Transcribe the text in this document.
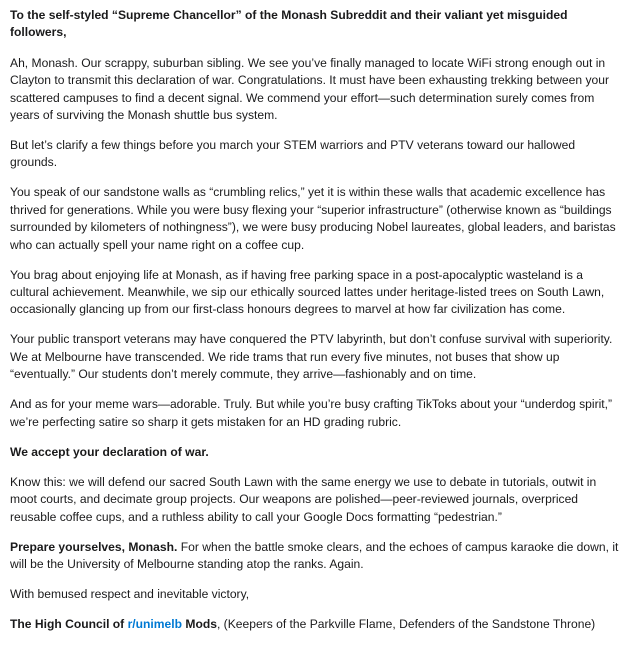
To the self-styled “Supreme Chancellor” of the Monash Subreddit and their valiant yet misguided followers,

Ah, Monash. Our scrappy, suburban sibling. We see you’ve finally managed to locate WiFi strong enough out in Clayton to transmit this declaration of war. Congratulations. It must have been exhausting trekking between your scattered campuses to find a decent signal. We commend your effort—such determination surely comes from years of surviving the Monash shuttle bus system.

But let’s clarify a few things before you march your STEM warriors and PTV veterans toward our hallowed grounds.

You speak of our sandstone walls as “crumbling relics,” yet it is within these walls that academic excellence has thrived for generations. While you were busy flexing your “superior infrastructure” (otherwise known as “buildings surrounded by kilometers of nothingness”), we were busy producing Nobel laureates, global leaders, and baristas who can actually spell your name right on a coffee cup.

You brag about enjoying life at Monash, as if having free parking space in a post-apocalyptic wasteland is a cultural achievement. Meanwhile, we sip our ethically sourced lattes under heritage-listed trees on South Lawn, occasionally glancing up from our first-class honours degrees to marvel at how far civilization has come.

Your public transport veterans may have conquered the PTV labyrinth, but don’t confuse survival with superiority. We at Melbourne have transcended. We ride trams that run every five minutes, not buses that show up “eventually.” Our students don’t merely commute, they arrive—fashionably and on time.

And as for your meme wars—adorable. Truly. But while you’re busy crafting TikToks about your “underdog spirit,” we’re perfecting satire so sharp it gets mistaken for an HD grading rubric.

We accept your declaration of war.

Know this: we will defend our sacred South Lawn with the same energy we use to debate in tutorials, outwit in moot courts, and decimate group projects. Our weapons are polished—peer-reviewed journals, overpriced reusable coffee cups, and a ruthless ability to call your Google Docs formatting “pedestrian.”

Prepare yourselves, Monash. For when the battle smoke clears, and the echoes of campus karaoke die down, it will be the University of Melbourne standing atop the ranks. Again.

With bemused respect and inevitable victory,

The High Council of r/unimelb Mods, (Keepers of the Parkville Flame, Defenders of the Sandstone Throne)
